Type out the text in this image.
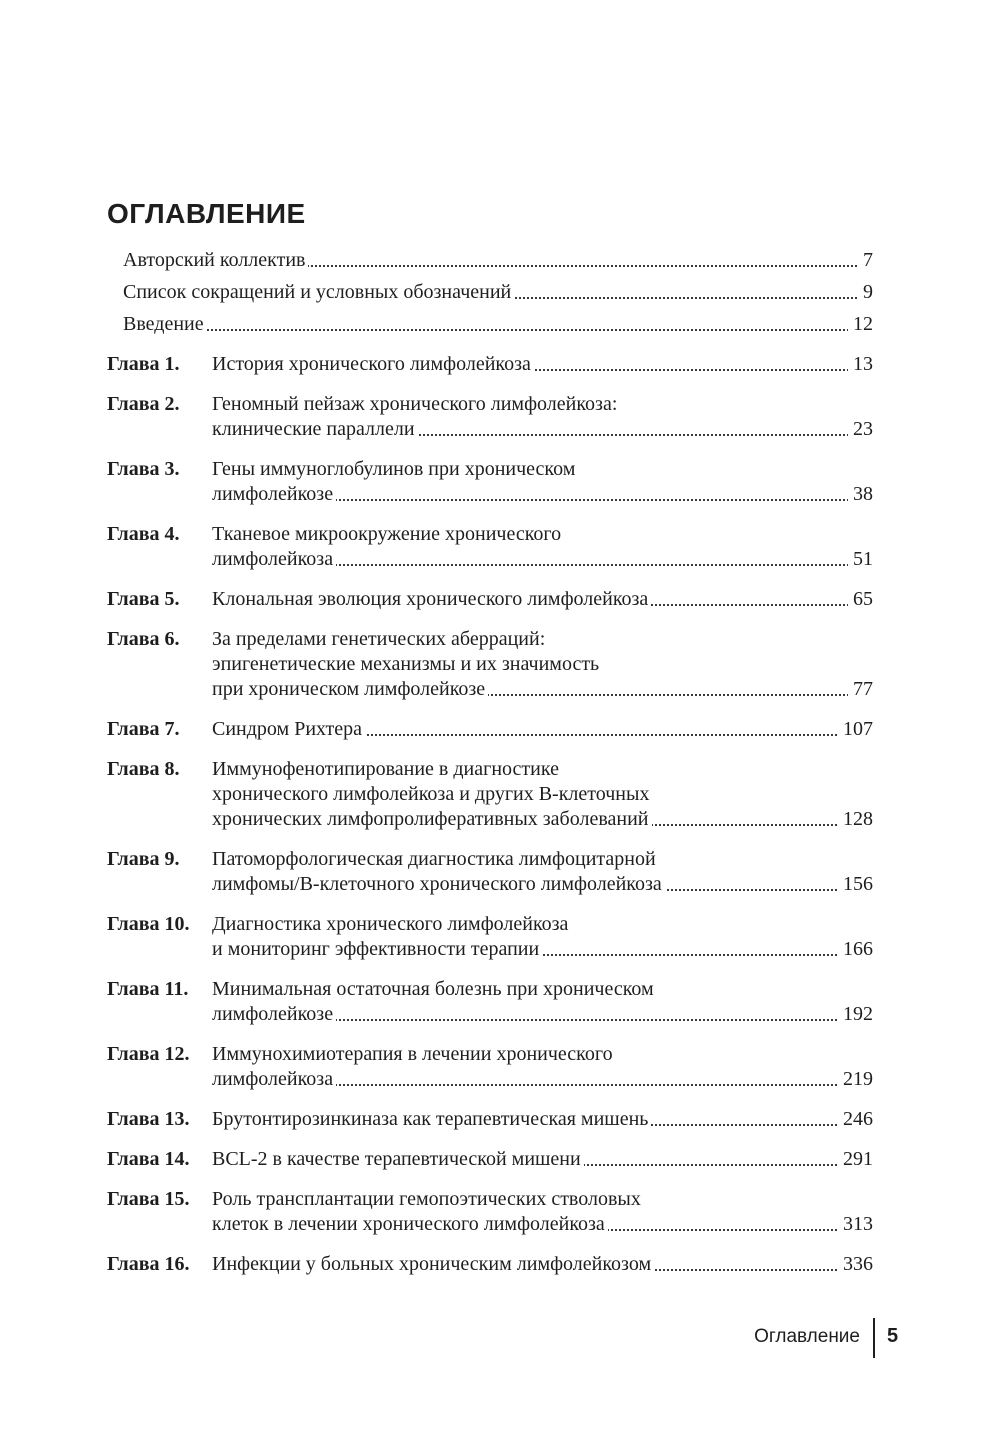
ОГЛАВЛЕНИЕ
Авторский коллектив	7
Список сокращений и условных обозначений	9
Введение	12
Глава 1. История хронического лимфолейкоза	13
Глава 2. Геномный пейзаж хронического лимфолейкоза:
клинические параллели	23
Глава 3. Гены иммуноглобулинов при хроническом
лимфолейкозе	38
Глава 4. Тканевое микроокружение хронического
лимфолейкоза	51
Глава 5. Клональная эволюция хронического лимфолейкоза	65
Глава 6. За пределами генетических аберраций:
эпигенетические механизмы и их значимость
при хроническом лимфолейкозе	77
Глава 7. Синдром Рихтера	107
Глава 8. Иммунофенотипирование в диагностике
хронического лимфолейкоза и других В-клеточных
хронических лимфопролиферативных заболеваний	128
Глава 9. Патоморфологическая диагностика лимфоцитарной
лимфомы/В-клеточного хронического лимфолейкоза	156
Глава 10. Диагностика хронического лимфолейкоза
и мониторинг эффективности терапии	166
Глава 11. Минимальная остаточная болезнь при хроническом
лимфолейкозе	192
Глава 12. Иммунохимиотерапия в лечении хронического
лимфолейкоза	219
Глава 13. Брутонтирозинкиназа как терапевтическая мишень	246
Глава 14. BCL-2 в качестве терапевтической мишени	291
Глава 15. Роль трансплантации гемопоэтических стволовых
клеток в лечении хронического лимфолейкоза	313
Глава 16. Инфекции у больных хроническим лимфолейкозом	336
Оглавление 5
